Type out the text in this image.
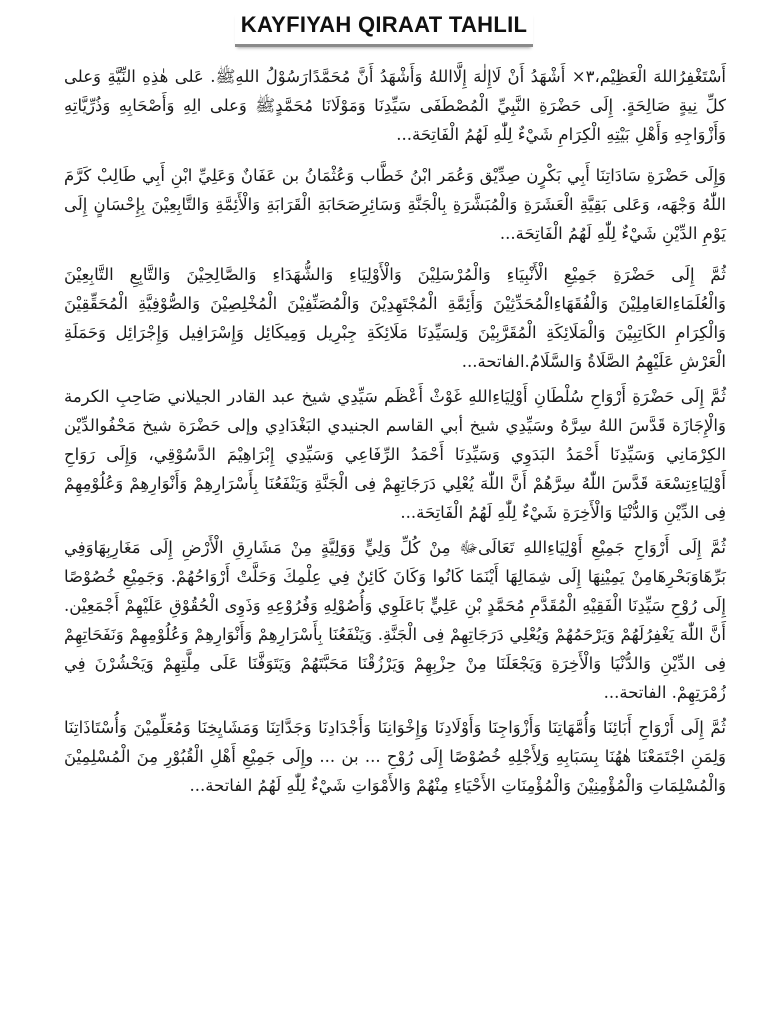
KAYFIYAH QIRAAT TAHLIL

أَسْتَغْفِرُاللهَ الْعَظِيْم،٣× أَشْهَدُ أَنْ لَاإِلٰهَ إِلَّااللهُ وَأَشْهَدُ أَنَّ مُحَمَّدًارَسُوْلُ اللهِﷺ. عَلى هٰذِهِ النِّيَّةِ وَعلى كلِّ نِيةٍ صَالِحَةٍ. إِلَى حَضْرَةِ النَّبِيِّ الْمُصْطَفَى سَيِّدِنَا وَمَوْلَانَا مُحَمَّدٍﷺ وَعلى الِهِ وَأَصْحَابِهِ وَذُرِّيَّاتِهِ وَأَزْوَاجِهِ وَأَهْلِ بَيْتِهِ الْكِرَامِ شَيْءٌ لِلّٰهِ لَهُمُ الْفَاتِحَة...

وَإِلَى حَضْرَةِ سَادَاتِنَا أَبِي بَكْرٍن صِدِّيْق وَعُمَر ابْنُ خَطَّاب وَعُثْمَانُ بن عَفَانٌ وَعَلِيِّ ابْنِ أَبِي طَالِبْ كَرَّمَ اللّٰهُ وَجْهَه، وَعَلى بَقِيَّةِ الْعَشَرَةِ وَالْمُبَشَّرَةِ بِالْجَنَّةِ وَسَائِرِصَحَابَةِ الْقَرَابَةِ وَالْأَئِمَّةِ وَالتَّابِعِيْنَ بِإِحْسَانٍ إِلَى يَوْمِ الدِّيْنِ شَيْءٌ لِلّٰهِ لَهُمُ الْفَاتِحَة...

ثُمَّ إِلَى حَضْرَةِ جَمِيْعِ الْأَنْبِيَاءِ وَالْمُرْسَلِيْنَ وَالْأَوْلِيَاءِ وَالشُّهَدَاءِ وَالصَّالِحِيْنَ وَالتَّابِعِ التَّابِعِيْنَ وَالْعُلَمَاءِالعَامِلِيْنَ وَالْفُقَهَاءِالْمُحَدِّثِيْنَ وَأَئِمَّةِ الْمُجْتَهِدِيْنَ وَالْمُصَنِّفِيْنَ الْمُخْلِصِيْنَ وَالصُّوْفِيَّةِ الْمُحَقِّقِيْنَ وَالْكِرَامِ الكَاتِبِيْنَ وَالْمَلَائِكَةِ الْمُقَرَّبِيْنَ وَلِسَيِّدِنَا مَلَائِكَةِ جِبْرِيل وَمِيكَائِل وَإِسْرَافِيل وَإِجْرَائِل وَحَمَلَةِ الْعَرْشِ عَلَيْهِمُ الصَّلَاةُ وَالسَّلَامُ.الفاتحة...

ثُمَّ إِلَى حَضْرَةِ أَرْوَاحِ سُلْطَانِ أَوْلِيَاءِاللهِ غَوْثْ أَعْظَم سَيِّدِي شيخ عبد القادر الجيلاني صَاحِبِ الكرمة وَالْإِجَازَة قَدَّسَ اللهُ سِرَّهُ وسَيِّدِي شيخ أبي القاسم الجنيدي البَغْدَادِي وإلى حَضْرَة شيخ مَحْفُوالدِّيْن الكِرْمَانِي وَسَيِّدِنَا أَحْمَدُ البَدَوِي وَسَيِّدِنَا أَحْمَدُ الرِّفَاعِي وَسَيِّدِي إِبْرَاهِيْمَ الدَّسُوْقِي، وَإِلَى رَوَاحِ أَوْلِيَاءِتِسْعَة قَدَّسَ اللّٰهُ سِرَّهُمْ أَنَّ اللّٰهَ يُعْلِي دَرَجَاتِهِمْ فِى الْجَنَّةِ وَيَنْفَعُنَا بِأَسْرَارِهِمْ وَأَنْوَارِهِمْ وَعُلُوْمِهِمْ فِى الدِّيْنِ وَالدُّنْيَا وَالْأَخِرَةِ شَيْءٌ لِلّٰهِ لَهُمُ الْفَاتِحَة...

ثُمَّ إِلَى أَرْوَاحِ جَمِيْعِ أَوْلِيَاءِاللهِ تَعَالَىﷻ مِنْ كُلِّ وَلِيٍّ وَوَلِيَّةٍ مِنْ مَشَارِقِ الْأَرْضِ إِلَى مَغَارِبِهَاوَفِي بَرِّهَاوَبَحْرِهَامِنْ يَمِيْنِهَا إِلَى شِمَالِهَا أَيْنَمَا كَانُوا وَكَانَ كَائِنٌ فِي عِلْمِكَ وَحَلَّتْ أَرْوَاحُهُمْ. وَجَمِيْعِ خُصُوْصًا إِلَى رُوْحِ سَيِّدِنَا الْفَقِيْهِ الْمُقَدَّمِ مُحَمَّدٍ بْنِ عَلِيٍّ بَاعَلَوِي وَأُصُوْلِهِ وَفُرُوْعِهِ وَذَوِى الْحُقُوْقِ عَلَيْهِمْ أَجْمَعِيْن. أَنَّ اللّٰهَ يَغْفِرُلَهُمْ وَيَرْحَمُهُمْ وَيُعْلِي دَرَجَاتِهِمْ فِى الْجَنَّةِ. وَيَنْفَعُنَا بِأَسْرَارِهِمْ وَأَنْوَارِهِمْ وَعُلُوْمِهِمْ وَنَفَحَاتِهِمْ فِى الدِّيْنِ وَالدُّنْيَا وَالْأَخِرَةِ وَيَجْعَلَنَا مِنْ حِزْبِهِمْ وَيَرْزُقْنَا مَحَبَّتَهُمْ وَيَتَوَفَّنَا عَلَى مِلَّتِهِمْ وَيَحْشُرْنَ فِي زُمْرَتِهِمْ. الفاتحة...

ثُمَّ إِلَى أَرْوَاحِ أَبَائِنَا وَأُمَّهَاتِنَا وَأَزْوَاجِنَا وَأَوْلَادِنَا وَإِخْوَانِنَا وَأَجْدَادِنَا وَجَدَّاتِنَا وَمَشَايِخِنَا وَمُعَلِّمِيْنَ وَأُسْتَاذَاتِنَا وَلِمَنِ اجْتَمَعْنَا هٰهُنَا بِسَبَابِهِ وَلِأَجْلِهِ خُصُوْصًا إِلَى رُوْحِ ... بن ... وإِلَى جَمِيْعِ أَهْلِ الْقُبُوْرِ مِنَ الْمُسْلِمِيْنَ وَالْمُسْلِمَاتِ وَالْمُؤْمِنِيْنَ وَالْمُؤْمِنَاتِ الأَحْيَاءِ مِنْهُمْ وَالأَمْوَاتِ شَيْءٌ لِلّٰهِ لَهُمُ الفاتحة...
